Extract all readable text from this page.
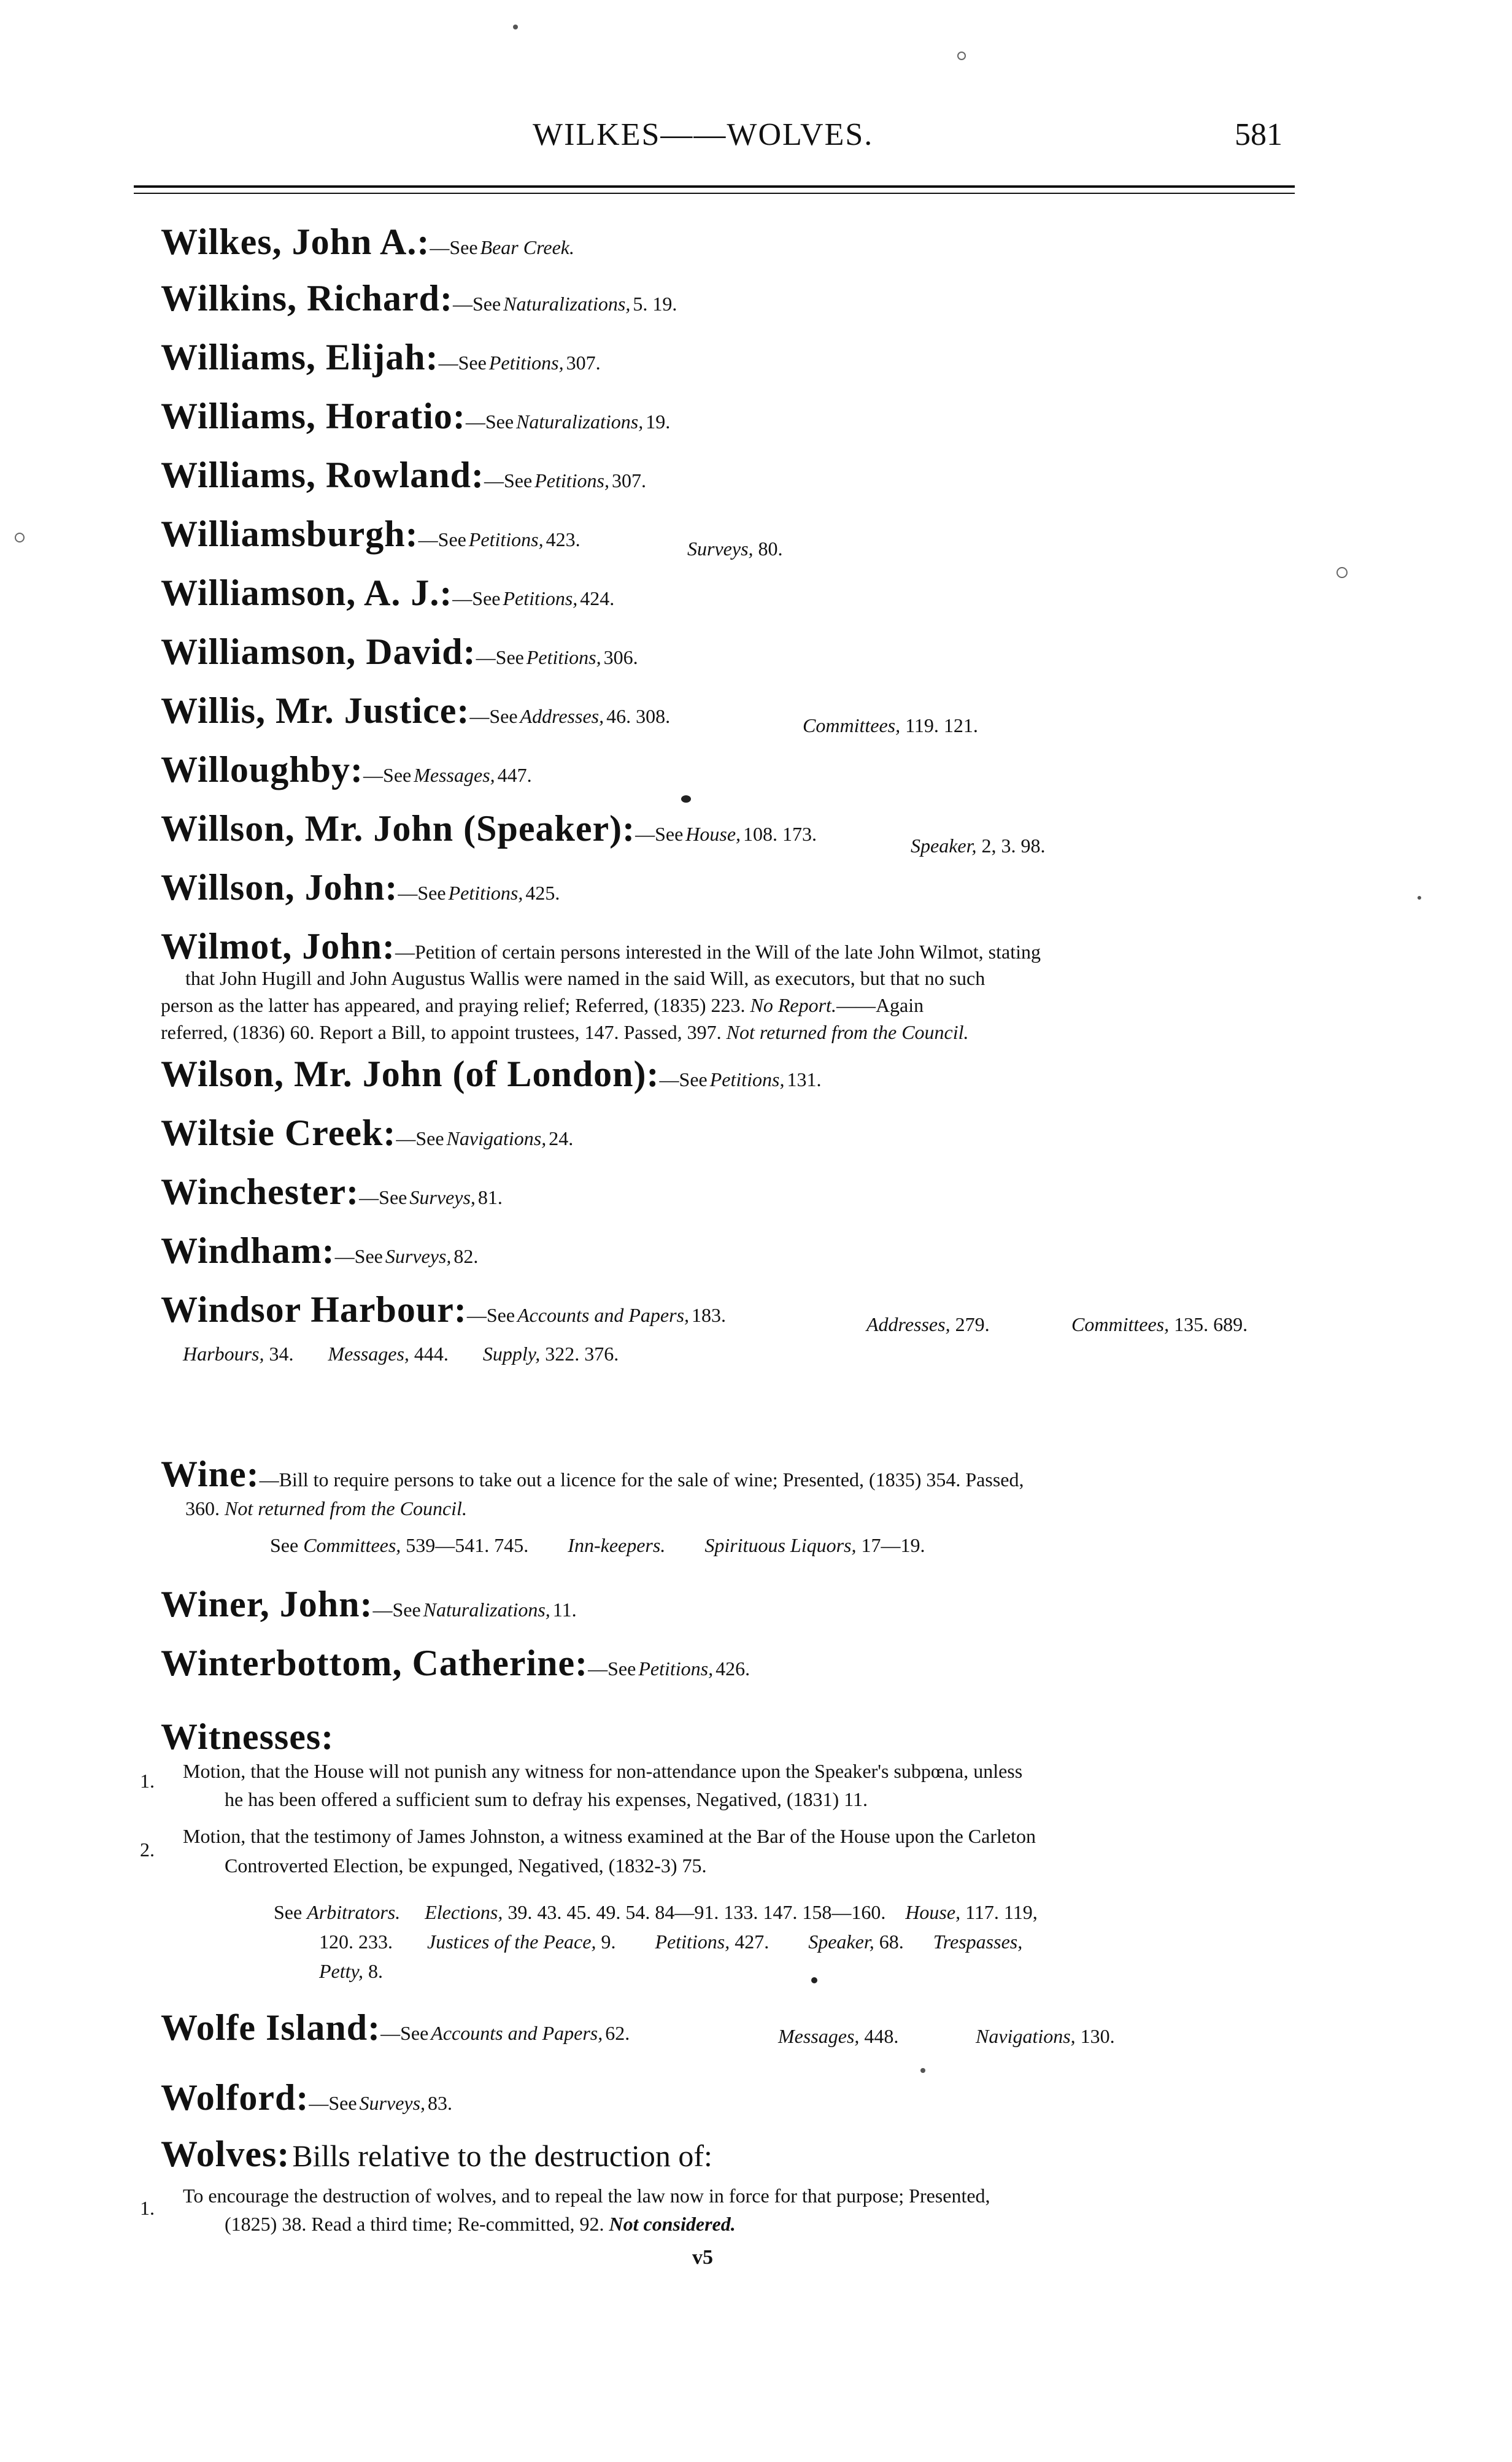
WILKES——WOLVES.	581
Wilkes, John A.:—See Bear Creek.
Wilkins, Richard:—See Naturalizations, 5. 19.
Williams, Elijah:—See Petitions, 307.
Williams, Horatio:—See Naturalizations, 19.
Williams, Rowland:—See Petitions, 307.
Williamsburgh:—See Petitions, 423.	Surveys, 80.
Williamson, A. J.:—See Petitions, 424.
Williamson, David:—See Petitions, 306.
Willis, Mr. Justice:—See Addresses, 46. 308.	Committees, 119. 121.
Willoughby:—See Messages, 447.
Willson, Mr. John (Speaker):—See House, 108. 173.
Speaker, 2, 3. 98.
Willson, John:—See Petitions, 425.
Wilmot, John:—Petition of certain persons interested in the Will of the late John Wilmot, stating
that John Hugill and John Augustus Wallis were named in the said Will, as executors, but that no such
person as the latter has appeared, and praying relief; Referred, (1835) 223. No Report.——Again
referred, (1836) 60. Report a Bill, to appoint trustees, 147. Passed, 397. Not returned from the Council.
Wilson, Mr. John (of London):—See Petitions, 131.
Wiltsie Creek:—See Navigations, 24.
Winchester:—See Surveys, 81.
Windham:—See Surveys, 82.
Windsor Harbour:—See Accounts and Papers, 183.	Addresses, 279.	Committees, 135. 689.
Harbours, 34. Messages, 444. Supply, 322. 376.
Wine:—Bill to require persons to take out a licence for the sale of wine; Presented, (1835) 354. Passed,
360. Not returned from the Council.
See Committees, 539—541. 745. Inn-keepers. Spirituous Liquors, 17—19.
Winer, John:—See Naturalizations, 11.
Winterbottom, Catherine:—See Petitions, 426.
Witnesses:
1. Motion, that the House will not punish any witness for non-attendance upon the Speaker's subpœna, unless
he has been offered a sufficient sum to defray his expenses, Negatived, (1831) 11.
2.
Motion, that the testimony of James Johnston, a witness examined at the Bar of the House upon the Carleton
Controverted Election, be expunged, Negatived, (1832-3) 75.
See Arbitrators. Elections, 39. 43. 45. 49. 54. 84—91. 133. 147. 158—160. House, 117. 119,
120. 233. Justices of the Peace, 9. Petitions, 427. Speaker, 68. Trespasses,
Petty, 8.
Wolfe Island:—See Accounts and Papers, 62.	Messages, 448.	Navigations, 130.
Wolford:—See Surveys, 83.
Wolves: Bills relative to the destruction of:
1.
To encourage the destruction of wolves, and to repeal the law now in force for that purpose; Presented,
(1825) 38. Read a third time; Re-committed, 92. Not considered.
v5
